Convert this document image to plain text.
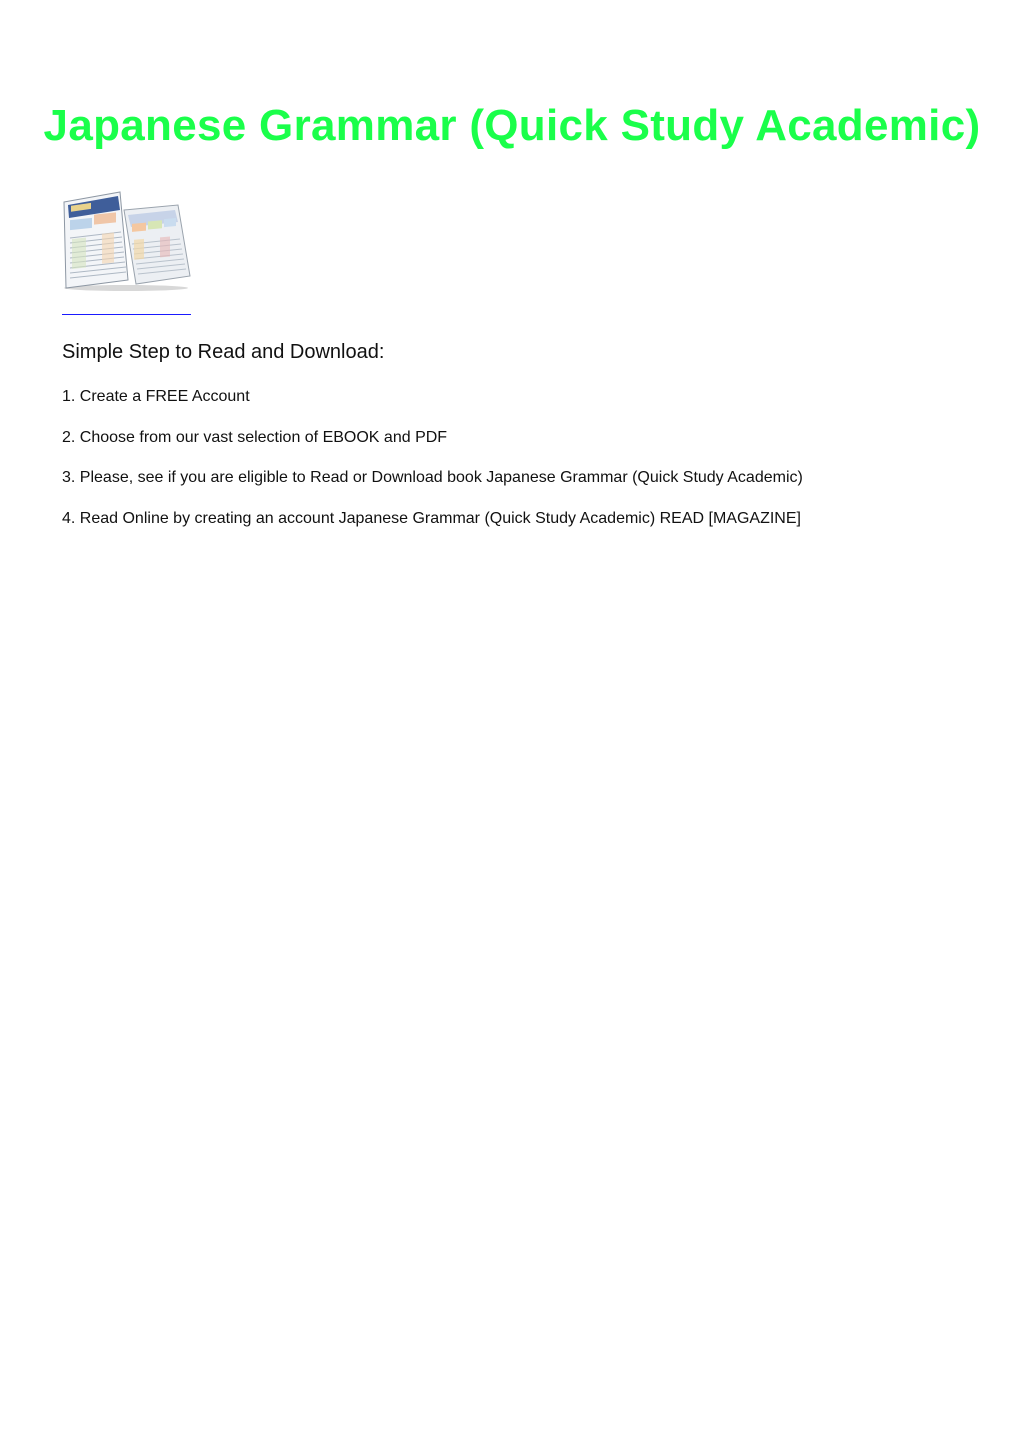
Japanese Grammar (Quick Study Academic)

Simple Step to Read and Download:

1. Create a FREE Account
2. Choose from our vast selection of EBOOK and PDF
3. Please, see if you are eligible to Read or Download book Japanese Grammar (Quick Study Academic)
4. Read Online by creating an account Japanese Grammar (Quick Study Academic) READ [MAGAZINE]
